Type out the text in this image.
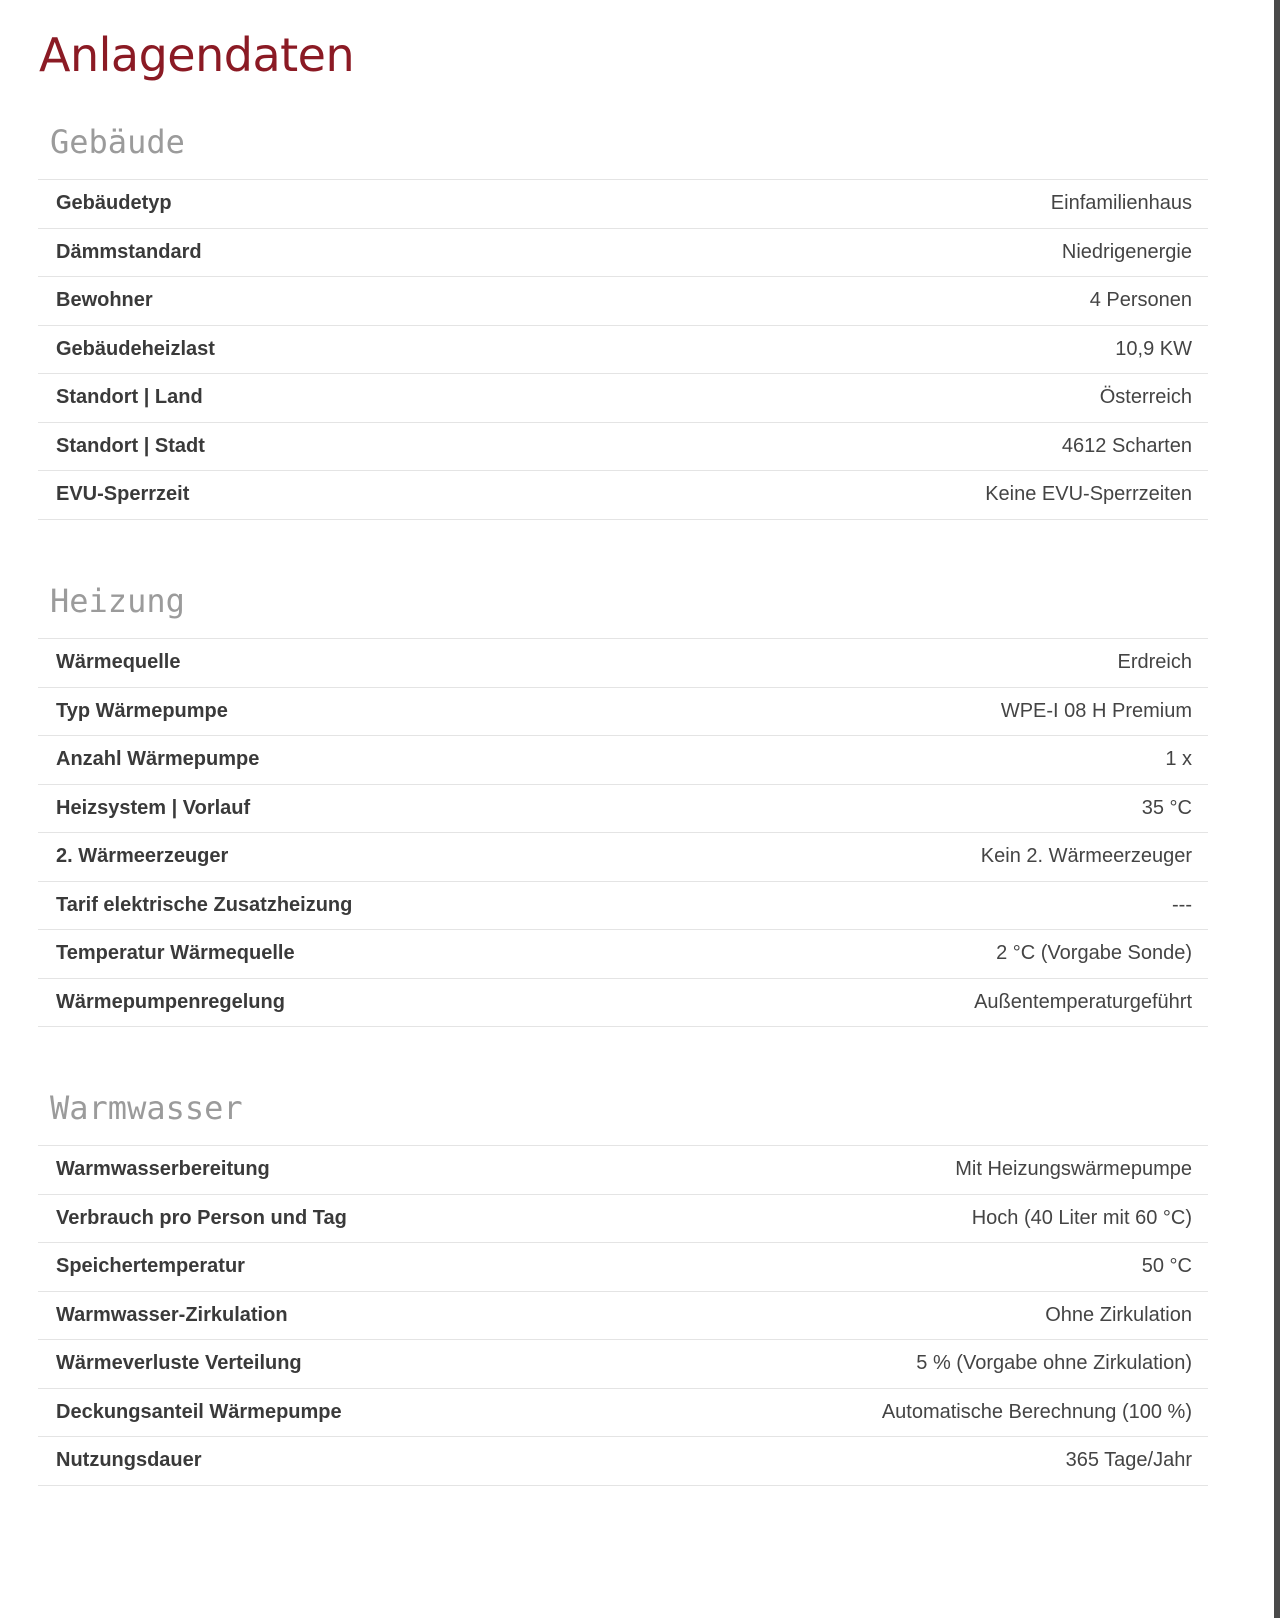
Anlagendaten
Gebäude
Gebäudetyp	Einfamilienhaus
Dämmstandard	Niedrigenergie
Bewohner	4 Personen
Gebäudeheizlast	10,9 KW
Standort | Land	Österreich
Standort | Stadt	4612 Scharten
EVU-Sperrzeit	Keine EVU-Sperrzeiten
Heizung
Wärmequelle	Erdreich
Typ Wärmepumpe	WPE-I 08 H Premium
Anzahl Wärmepumpe	1 x
Heizsystem | Vorlauf	35 °C
2. Wärmeerzeuger	Kein 2. Wärmeerzeuger
Tarif elektrische Zusatzheizung	---
Temperatur Wärmequelle	2 °C (Vorgabe Sonde)
Wärmepumpenregelung	Außentemperaturgeführt
Warmwasser
Warmwasserbereitung	Mit Heizungswärmepumpe
Verbrauch pro Person und Tag	Hoch (40 Liter mit 60 °C)
Speichertemperatur	50 °C
Warmwasser-Zirkulation	Ohne Zirkulation
Wärmeverluste Verteilung	5 % (Vorgabe ohne Zirkulation)
Deckungsanteil Wärmepumpe	Automatische Berechnung (100 %)
Nutzungsdauer	365 Tage/Jahr
